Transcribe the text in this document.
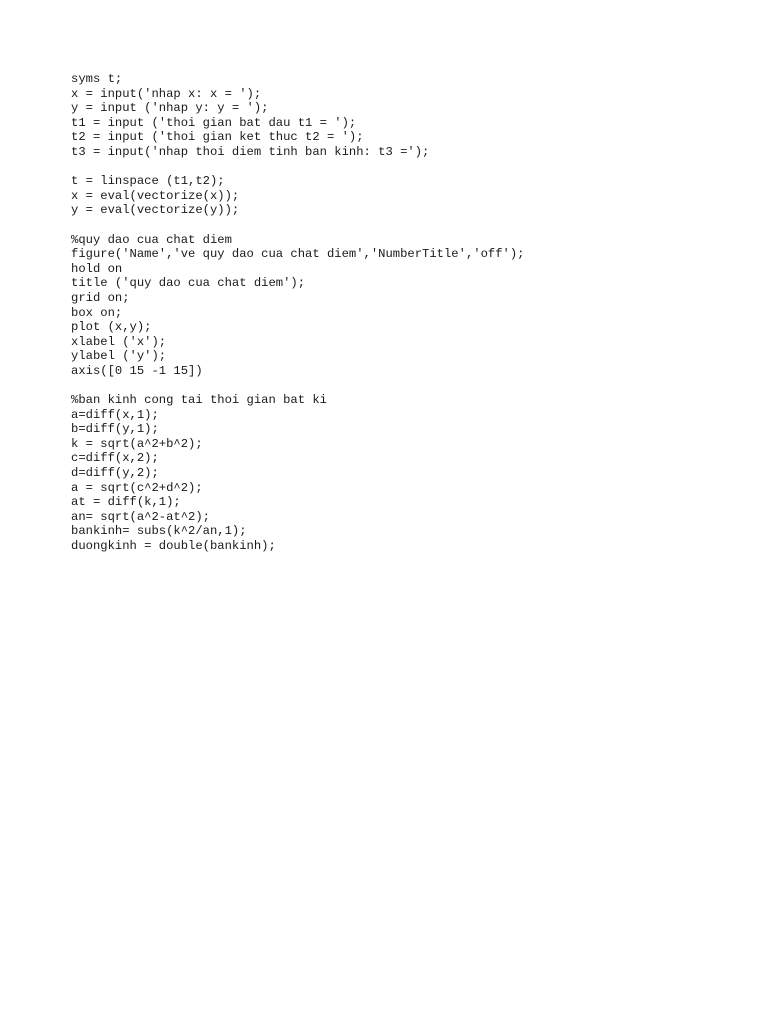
syms t;
x = input('nhap x: x = ');
y = input ('nhap y: y = ');
t1 = input ('thoi gian bat dau t1 = ');
t2 = input ('thoi gian ket thuc t2 = ');
t3 = input('nhap thoi diem tinh ban kinh: t3 =');
t = linspace (t1,t2);
x = eval(vectorize(x));
y = eval(vectorize(y));
%quy dao cua chat diem
figure('Name','ve quy dao cua chat diem','NumberTitle','off');
hold on
title ('quy dao cua chat diem');
grid on;
box on;
plot (x,y);
xlabel ('x');
ylabel ('y');
axis([0 15 -1 15])
%ban kinh cong tai thoi gian bat ki
a=diff(x,1);
b=diff(y,1);
k = sqrt(a^2+b^2);
c=diff(x,2);
d=diff(y,2);
a = sqrt(c^2+d^2);
at = diff(k,1);
an= sqrt(a^2-at^2);
bankinh= subs(k^2/an,1);
duongkinh = double(bankinh);
